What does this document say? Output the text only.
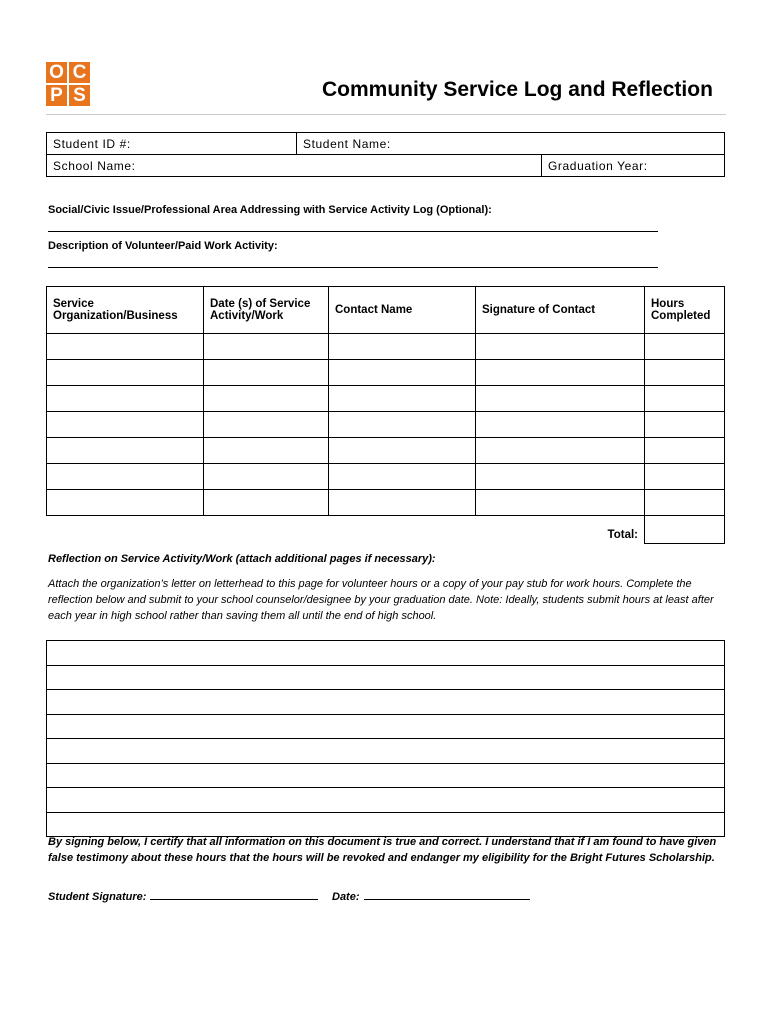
O C
P S	Community Service Log and Reflection
Student ID #:	Student Name:	
School Name:		Graduation Year:
Social/Civic Issue/Professional Area Addressing with Service Activity Log (Optional):
Description of Volunteer/Paid Work Activity:
Service Organization/Business	Date (s) of Service Activity/Work	Contact Name	Signature of Contact	Hours Completed

Total:				
Reflection on Service Activity/Work (attach additional pages if necessary):
Attach the organization’s letter on letterhead to this page for volunteer hours or a copy of your pay stub for work hours. Complete the reflection below and submit to your school counselor/designee by your graduation date. Note: Ideally, students submit hours at least after each year in high school rather than saving them all until the end of high school.

By signing below, I certify that all information on this document is true and correct. I understand that if I am found to have given false testimony about these hours that the hours will be revoked and endanger my eligibility for the Bright Futures Scholarship.
Student Signature:	Date:
